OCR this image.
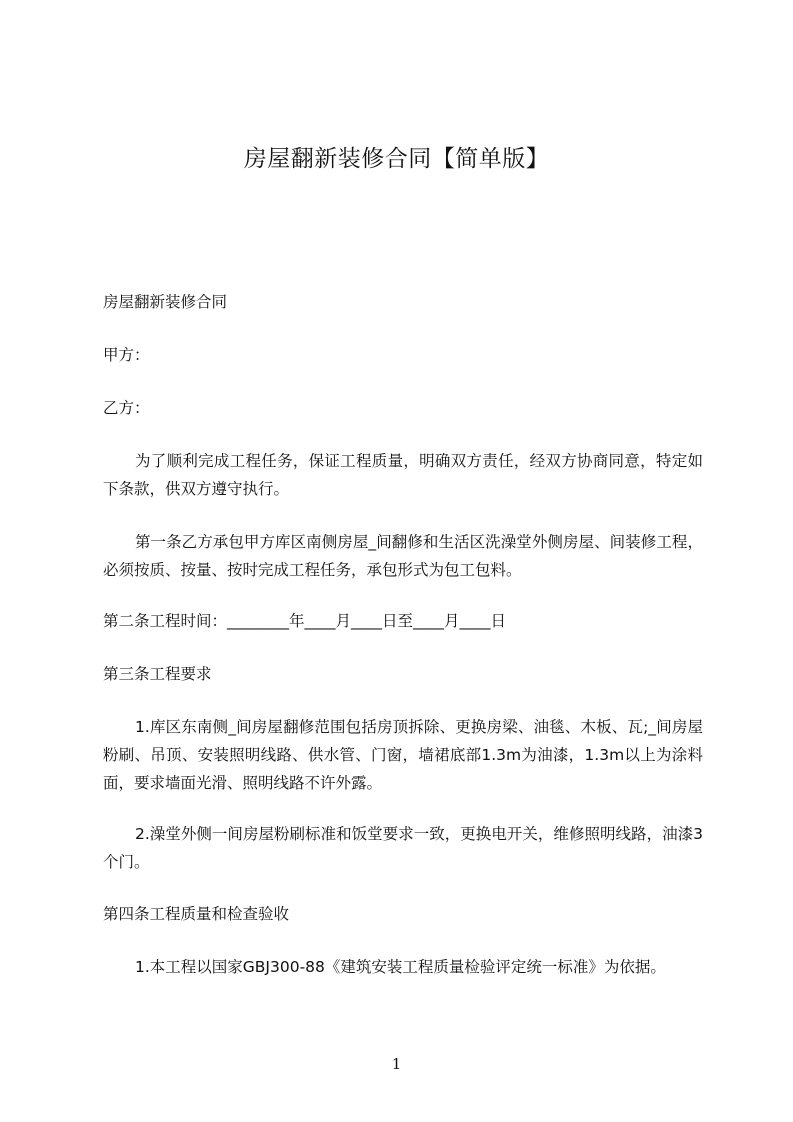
房屋翻新装修合同【简单版】
房屋翻新装修合同
甲方：
乙方：
为了顺利完成工程任务，保证工程质量，明确双方责任，经双方协商同意，特定如下条款，供双方遵守执行。
第一条乙方承包甲方库区南侧房屋_间翻修和生活区洗澡堂外侧房屋、间装修工程，必须按质、按量、按时完成工程任务，承包形式为包工包料。
第二条工程时间：________年____月____日至____月____日
第三条工程要求
1.库区东南侧_间房屋翻修范围包括房顶拆除、更换房梁、油毯、木板、瓦;_间房屋粉刷、吊顶、安装照明线路、供水管、门窗，墙裙底部1.3m为油漆，1.3m以上为涂料面，要求墙面光滑、照明线路不许外露。
2.澡堂外侧一间房屋粉刷标准和饭堂要求一致，更换电开关，维修照明线路，油漆3个门。
第四条工程质量和检查验收
1.本工程以国家GBJ300-88《建筑安装工程质量检验评定统一标准》为依据。
1
